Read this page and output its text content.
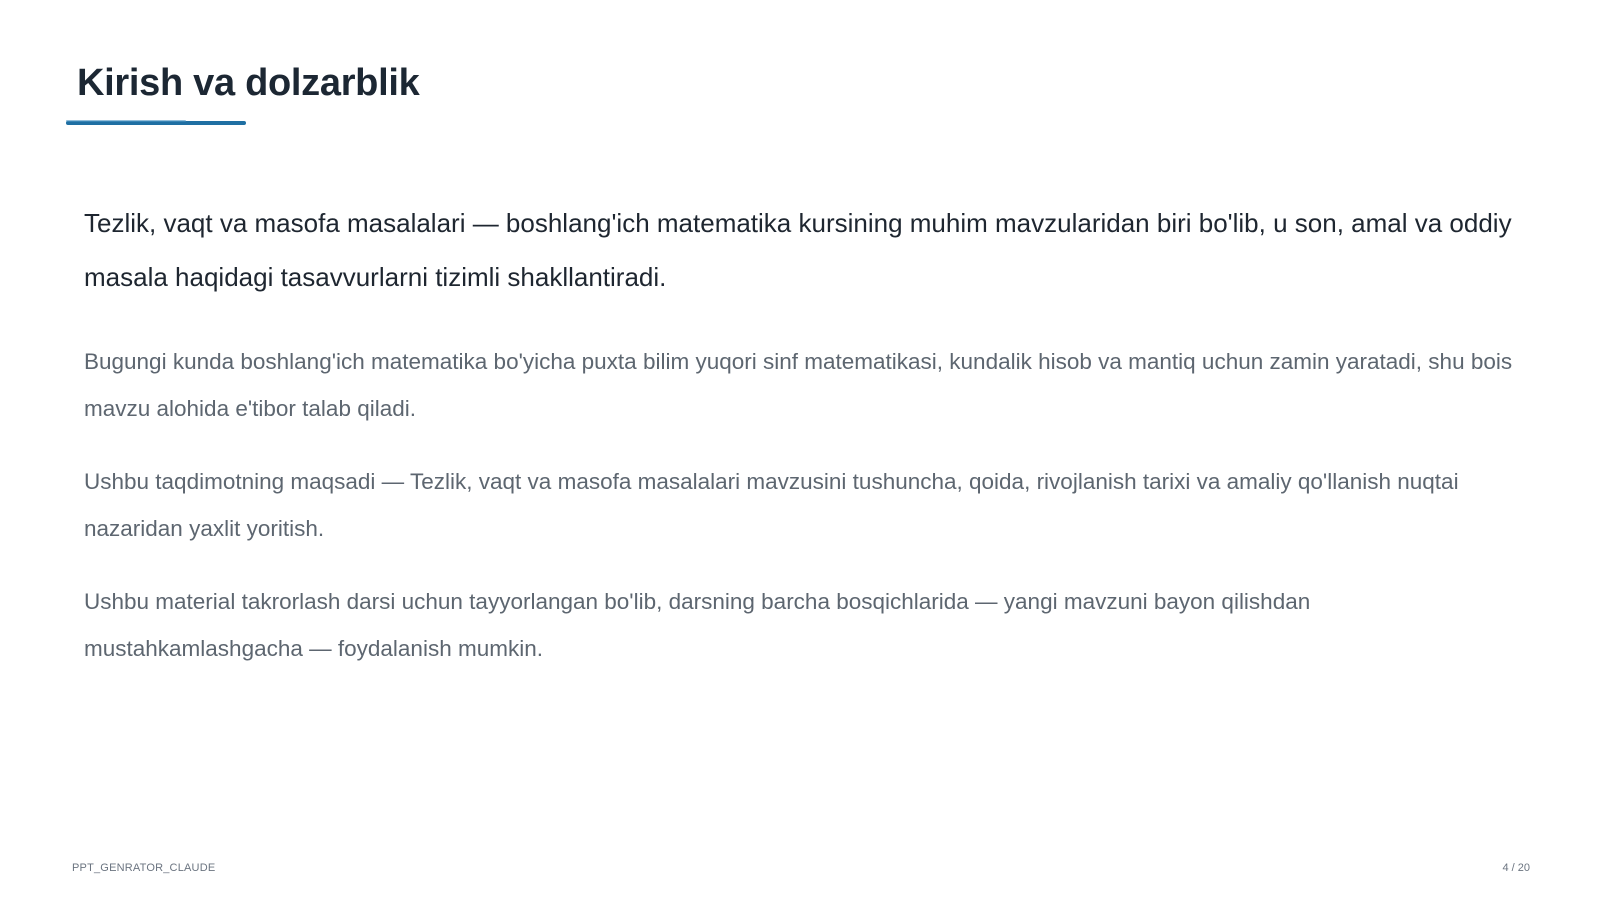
Kirish va dolzarblik

Tezlik, vaqt va masofa masalalari — boshlang'ich matematika kursining muhim mavzularidan biri bo'lib, u son, amal va oddiy masala haqidagi tasavvurlarni tizimli shakllantiradi.

Bugungi kunda boshlang'ich matematika bo'yicha puxta bilim yuqori sinf matematikasi, kundalik hisob va mantiq uchun zamin yaratadi, shu bois mavzu alohida e'tibor talab qiladi.

Ushbu taqdimotning maqsadi — Tezlik, vaqt va masofa masalalari mavzusini tushuncha, qoida, rivojlanish tarixi va amaliy qo'llanish nuqtai nazaridan yaxlit yoritish.

Ushbu material takrorlash darsi uchun tayyorlangan bo'lib, darsning barcha bosqichlarida — yangi mavzuni bayon qilishdan mustahkamlashgacha — foydalanish mumkin.

PPT_GENRATOR_CLAUDE	4 / 20
